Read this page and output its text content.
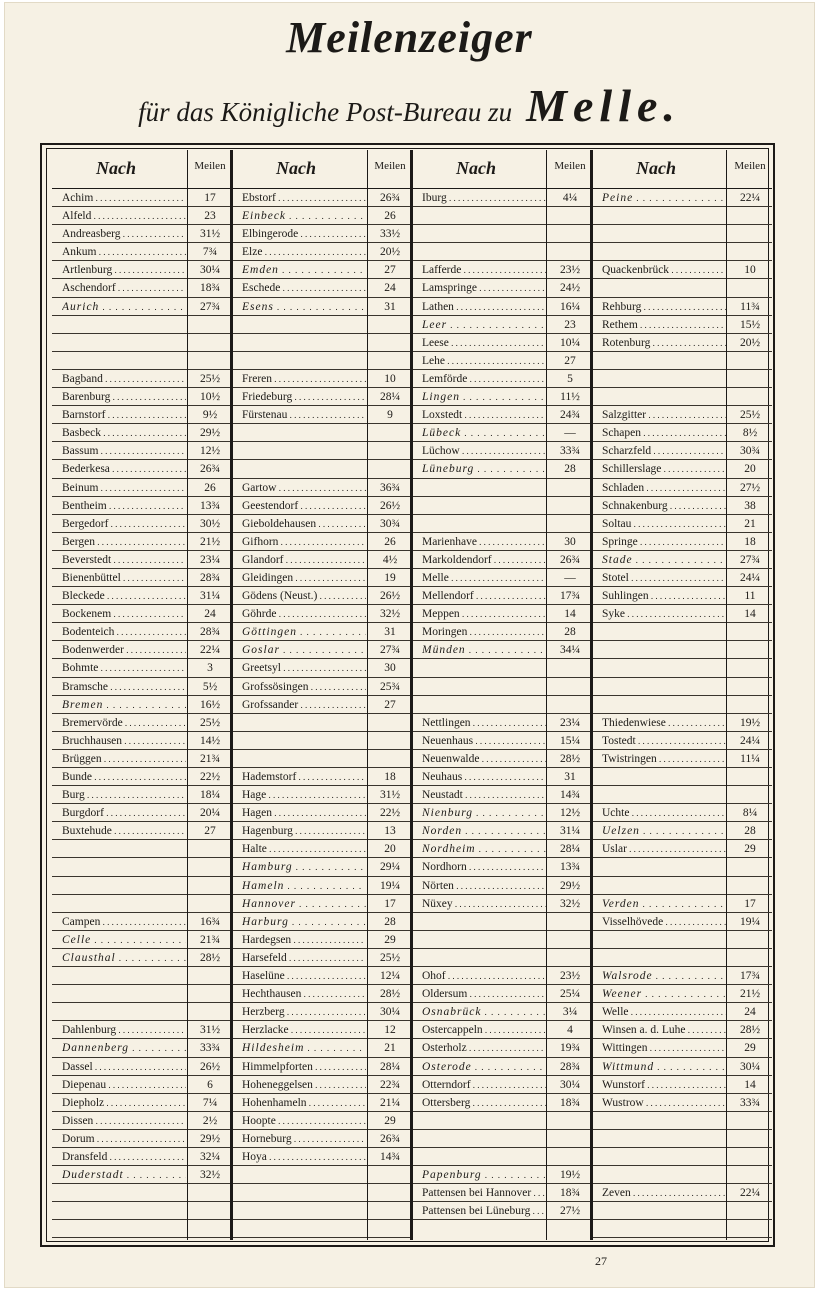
Meilenzeiger
für das Königliche Post-Bureau zu Melle.
Nach	Meilen
Achim . . .	17
Alfeld . . .	23
Andreasberg . . .	31½
Ankum . . .	7¾
Artlenburg . . .	30¼
Aschendorf . . .	18¾
Aurich . . .	27¾
Bagband . . .	25½
Barenburg . . .	10½
Barnstorf . . .	9½
Basbeck . . .	29½
Bassum . . .	12½
Bederkesa . . .	26¾
Beinum . . .	26
Bentheim . . .	13¾
Bergedorf . . .	30½
Bergen . . .	21½
Beverstedt . . .	23¼
Bienenbüttel . . .	28¾
Bleckede . . .	31¼
Bockenem . . .	24
Bodenteich . . .	28¾
Bodenwerder . . .	22¼
Bohmte . . .	3
Bramsche . . .	5½
Bremen . . .	16½
Bremervörde . . .	25½
Bruchhausen . . .	14½
Brüggen . . .	21¾
Bunde . . .	22½
Burg . . .	18¼
Burgdorf . . .	20¼
Buxtehude . . .	27
Campen . . .	16¾
Celle . . .	21¾
Clausthal . . .	28½
Dahlenburg . . .	31½
Dannenberg . . .	33¾
Dassel . . .	26½
Diepenau . . .	6
Diepholz . . .	7¼
Dissen . . .	2½
Dorum . . .	29½
Dransfeld . . .	32¼
Duderstadt . . .	32½
Nach	Meilen
Ebstorf . . .	26¾
Einbeck . . .	26
Elbingerode . . .	33½
Elze . . .	20½
Emden . . .	27
Eschede . . .	24
Esens . . .	31
Freren . . .	10
Friedeburg . . .	28¼
Fürstenau . . .	9
Gartow . . .	36¾
Geestendorf . . .	26½
Gieboldehausen . . .	30¾
Gifhorn . . .	26
Glandorf . . .	4½
Gleidingen . . .	19
Gödens (Neust.) . . .	26½
Göhrde . . .	32½
Göttingen . . .	31
Goslar . . .	27¾
Greetsyl . . .	30
Grofssösingen . . .	25¾
Grofssander . . .	27
Hademstorf . . .	18
Hage . . .	31½
Hagen . . .	22½
Hagenburg . . .	13
Halte . . .	20
Hamburg . . .	29¼
Hameln . . .	19¼
Hannover . . .	17
Harburg . . .	28
Hardegsen . . .	29
Harsefeld . . .	25½
Haselüne . . .	12¼
Hechthausen . . .	28½
Herzberg . . .	30¼
Herzlacke . . .	12
Hildesheim . . .	21
Himmelpforten . . .	28¼
Hoheneggelsen . . .	22¾
Hohenhameln . . .	21¼
Hoopte . . .	29
Horneburg . . .	26¾
Hoya . . .	14¾
Nach	Meilen
Iburg . . .	4¼
Lafferde . . .	23½
Lamspringe . . .	24½
Lathen . . .	16¼
Leer . . .	23
Leese . . .	10¼
Lehe . . .	27
Lemförde . . .	5
Lingen . . .	11½
Loxstedt . . .	24¾
Lübeck . . .	—
Lüchow . . .	33¾
Lüneburg . . .	28
Marienhave . . .	30
Markoldendorf . . .	26¾
Melle . . .	—
Mellendorf . . .	17¾
Meppen . . .	14
Moringen . . .	28
Münden . . .	34¼
Nettlingen . . .	23¼
Neuenhaus . . .	15¼
Neuenwalde . . .	28½
Neuhaus . . .	31
Neustadt . . .	14¾
Nienburg . . .	12½
Norden . . .	31¼
Nordheim . . .	28¼
Nordhorn . . .	13¾
Nörten . . .	29½
Nüxey . . .	32½
Ohof . . .	23½
Oldersum . . .	25¼
Osnabrück . . .	3¼
Ostercappeln . . .	4
Osterholz . . .	19¾
Osterode . . .	28¾
Otterndorf . . .	30¼
Ottersberg . . .	18¾
Papenburg . . .	19½
Pattensen bei Hannover . . .	18¾
Pattensen bei Lüneburg . . .	27½
Nach	Meilen
Peine . . .	22¼
Quackenbrück . . .	10
Rehburg . . .	11¾
Rethem . . .	15½
Rotenburg . . .	20½
Salzgitter . . .	25½
Schapen . . .	8½
Scharzfeld . . .	30¾
Schillerslage . . .	20
Schladen . . .	27½
Schnakenburg . . .	38
Soltau . . .	21
Springe . . .	18
Stade . . .	27¾
Stotel . . .	24¼
Suhlingen . . .	11
Syke . . .	14
Thiedenwiese . . .	19½
Tostedt . . .	24¼
Twistringen . . .	11¼
Uchte . . .	8¼
Uelzen . . .	28
Uslar . . .	29
Verden . . .	17
Visselhövede . . .	19¼
Walsrode . . .	17¾
Weener . . .	21½
Welle . . .	24
Winsen a. d. Luhe . . .	28½
Wittingen . . .	29
Wittmund . . .	30¼
Wunstorf . . .	14
Wustrow . . .	33¾
Zeven . . .	22¼
27
